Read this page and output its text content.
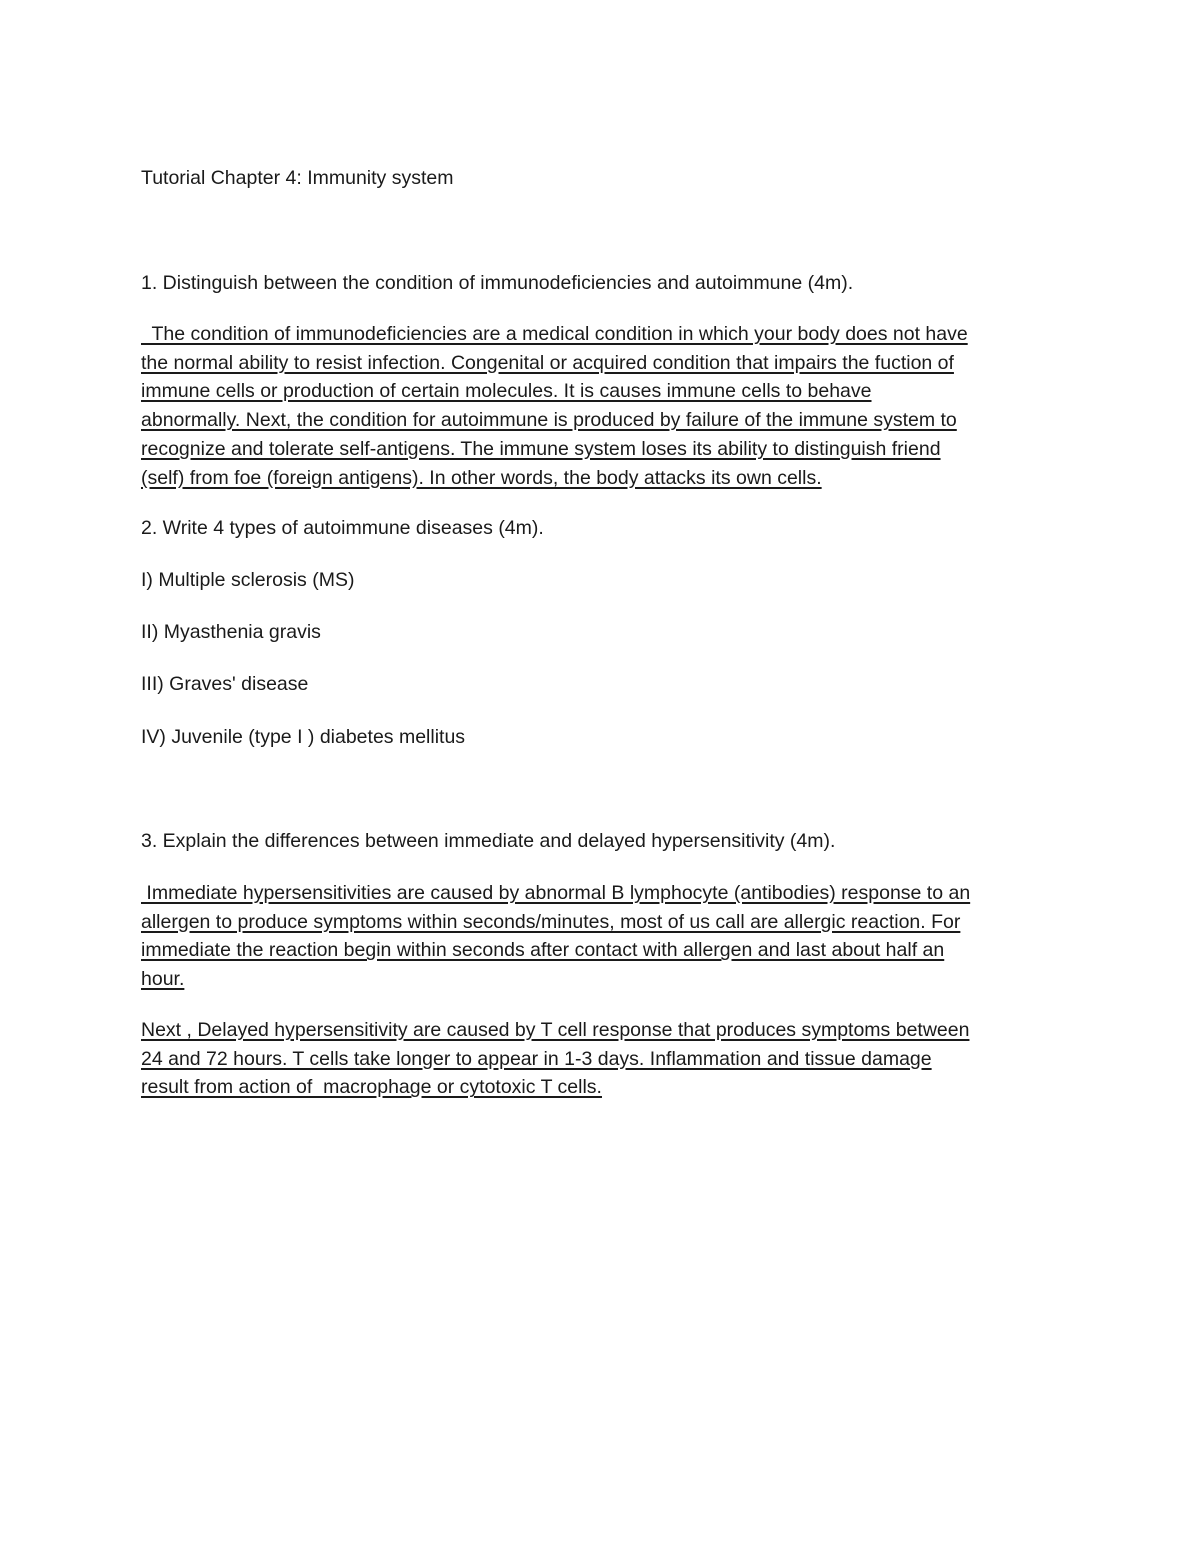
Tutorial Chapter 4: Immunity system
1. Distinguish between the condition of immunodeficiencies and autoimmune (4m).
The condition of immunodeficiencies are a medical condition in which your body does not have
the normal ability to resist infection. Congenital or acquired condition that impairs the fuction of
immune cells or production of certain molecules. It is causes immune cells to behave
abnormally. Next, the condition for autoimmune is produced by failure of the immune system to
recognize and tolerate self-antigens. The immune system loses its ability to distinguish friend
(self) from foe (foreign antigens). In other words, the body attacks its own cells.
2. Write 4 types of autoimmune diseases (4m).
I) Multiple sclerosis (MS)
II) Myasthenia gravis
III) Graves' disease
IV) Juvenile (type I ) diabetes mellitus
3. Explain the differences between immediate and delayed hypersensitivity (4m).
Immediate hypersensitivities are caused by abnormal B lymphocyte (antibodies) response to an
allergen to produce symptoms within seconds/minutes, most of us call are allergic reaction. For
immediate the reaction begin within seconds after contact with allergen and last about half an
hour.
Next , Delayed hypersensitivity are caused by T cell response that produces symptoms between
24 and 72 hours. T cells take longer to appear in 1-3 days. Inflammation and tissue damage
result from action of  macrophage or cytotoxic T cells.
